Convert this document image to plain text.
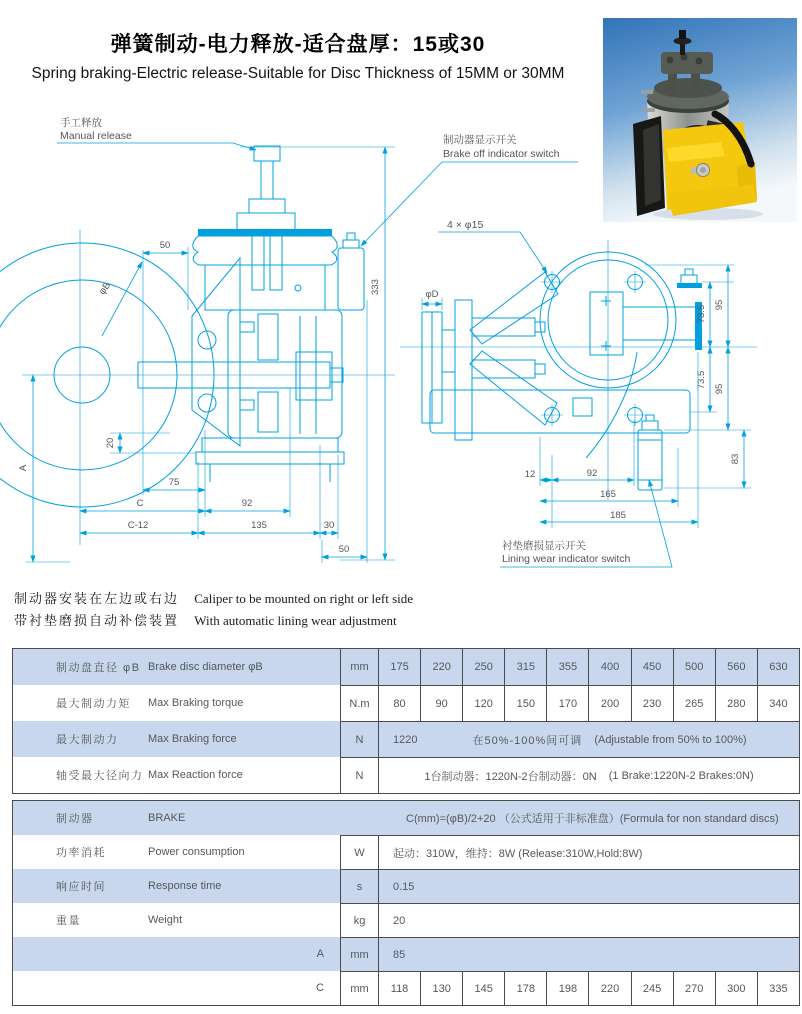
弹簧制动-电力释放-适合盘厚：15或30
Spring braking-Electric release-Suitable for Disc Thickness of 15MM or 30MM
50
75
C	92
C-12	135	30
50
A
20
333
φB
手工释放
Manual release	制动器显示开关
Brake off indicator switch
φD
4 × φ15
73.5 95
73.5 95
83
12	92
165
185
衬垫磨损显示开关
Lining wear indicator switch
制动器安装在左边或右边 Caliper to be mounted on right or left side
带衬垫磨损自动补偿装置 With automatic lining wear adjustment
制动盘直径 φB Brake disc diameter φB	mm	175	220	250	315	355	400	450	500	560	630
最大制动力矩	Max Braking torque	N.m	80	90	120	150	170	200	230	265	280	340
最大制动力	Max Braking force	N	1220	在50%-100%间可调 (Adjustable from 50% to 100%)
轴受最大径向力 Max Reaction force	N	1台制动器：1220N-2台制动器：0N (1 Brake:1220N-2 Brakes:0N)
制动器	BRAKE	C(mm)=(φB)/2+20 （公式适用于非标准盘）(Formula for non standard discs)
功率消耗	Power consumption	W	起动：310W，维持：8W (Release:310W,Hold:8W)
响应时间	Response time	s	0.15
重量	Weight	kg	20
A	mm	85
C	mm	118	130	145	178	198	220	245	270	300	335
